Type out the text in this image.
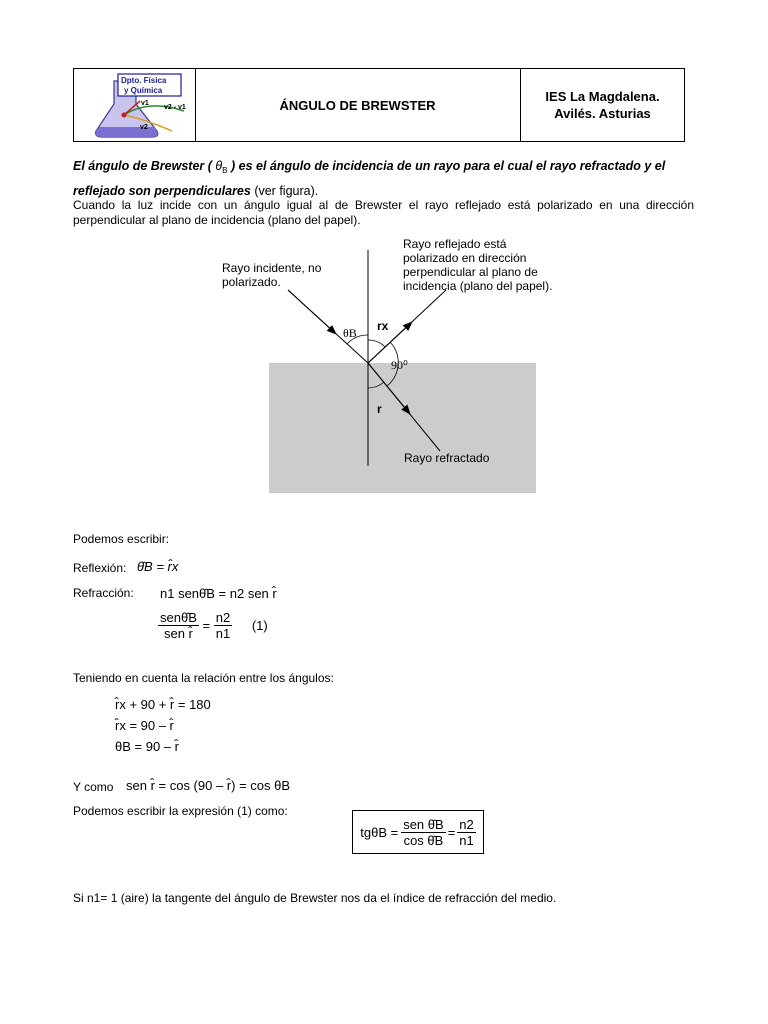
Dpto. Física
y Química
v1
v2 - v1
v2
ÁNGULO DE BREWSTER
IES La Magdalena.
Avilés. Asturias
El ángulo de Brewster ( $\theta_B$ ) es el ángulo de incidencia de un rayo para el cual el rayo refractado y el reflejado son perpendiculares (ver figura).
Cuando la luz incide con un ángulo igual al de Brewster el rayo reflejado está polarizado en una dirección perpendicular al plano de incidencia (plano del papel).
Rayo incidente, no
polarizado.
Rayo reflejado está
polarizado en dirección
perpendicular al plano de
incidencia (plano del papel).
θB rx
90⁰
r
Rayo refractado
Podemos escribir:
Reflexión: θ̂B = r̂x
Refracción: n1 senθ̂B = n2 sen r̂
$\frac{\text{senθ̂B}}{\text{sen r̂}} = \frac{n2}{n1} (1)$
Teniendo en cuenta la relación entre los ángulos:
r̂x + 90 + r̂ = 180
r̂x = 90 – r̂
θB = 90 – r̂
Y como sen r̂ = cos (90 – r̂) = cos θB
Podemos escribir la expresión (1) como:
$tg\theta B = \frac{\text{sen θ̂B}}{\text{cos θ̂B}} = \frac{n2}{n1}$
Si n1= 1 (aire) la tangente del ángulo de Brewster nos da el índice de refracción del medio.
